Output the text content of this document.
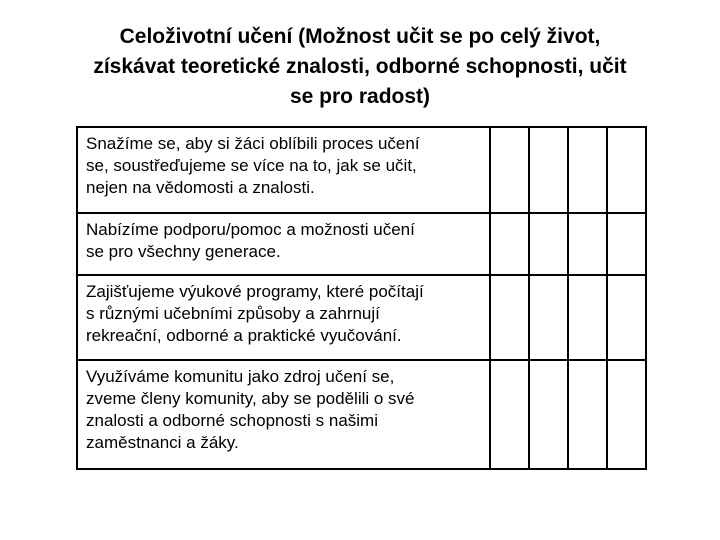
Celoživotní učení (Možnost učit se po celý život,
získávat teoretické znalosti, odborné schopnosti, učit
se pro radost)
Snažíme se, aby si žáci oblíbili proces učení
se, soustřeďujeme se více na to, jak se učit,
nejen na vědomosti a znalosti.				
Nabízíme podporu/pomoc a možnosti učení
se pro všechny generace.				
Zajišťujeme výukové programy, které počítají
s různými učebními způsoby a zahrnují
rekreační, odborné a praktické vyučování.				
Využíváme komunitu jako zdroj učení se,
zveme členy komunity, aby se podělili o své
znalosti a odborné schopnosti s našimi
zaměstnanci a žáky.				
